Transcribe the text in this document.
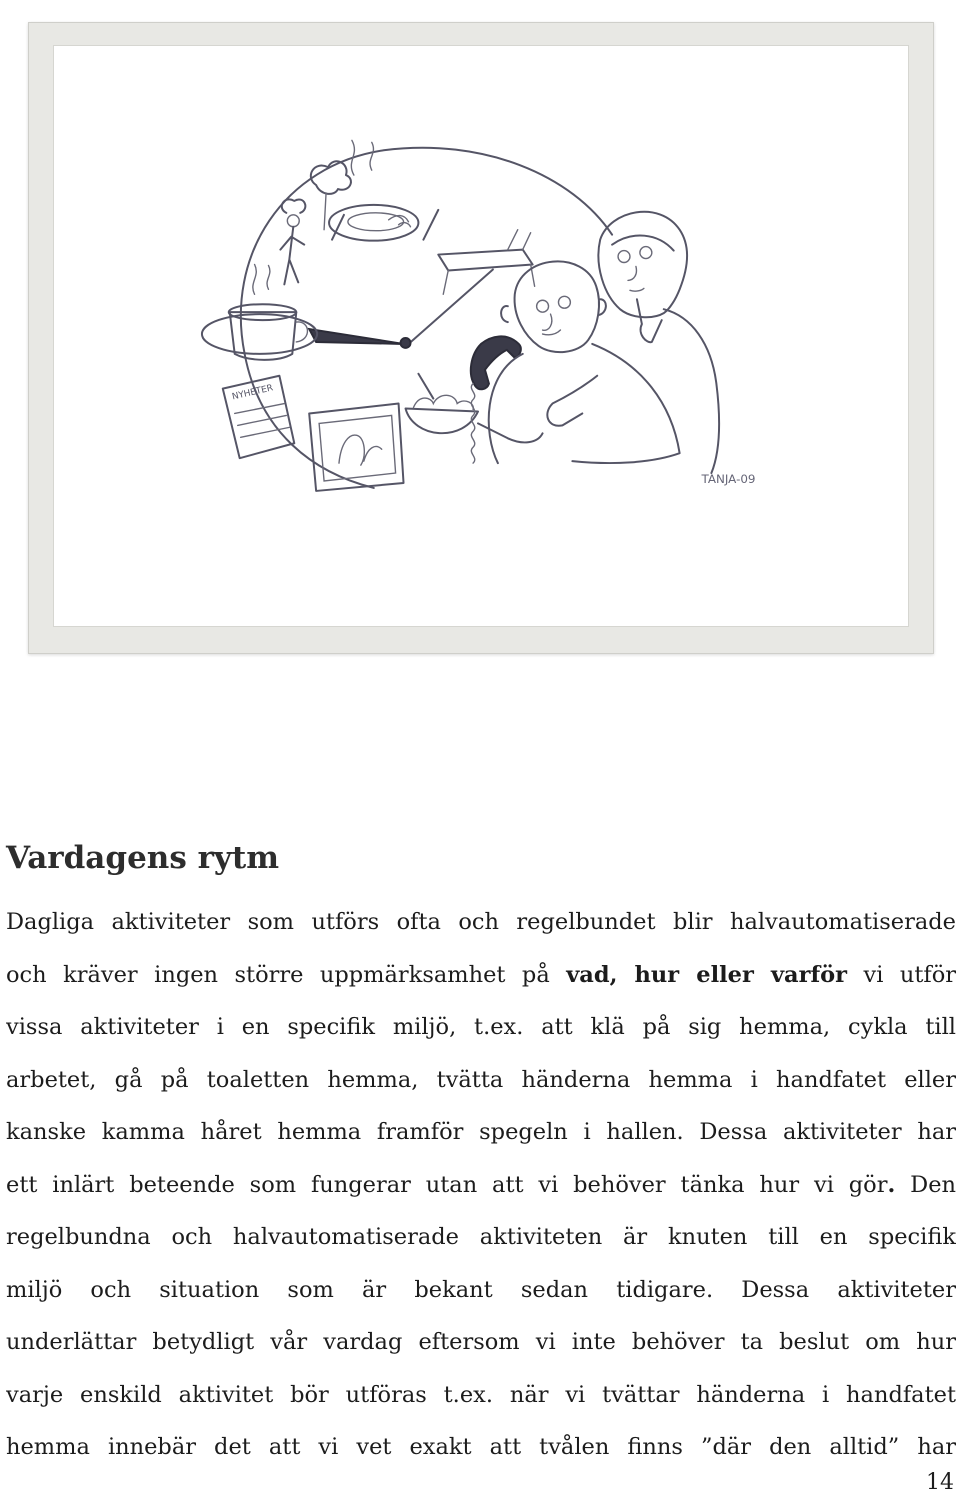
NYHETER
TANJA-09
Vardagens rytm
Dagliga aktiviteter som utförs ofta och regelbundet blir halvautomatiserade
och kräver ingen större uppmärksamhet på vad, hur eller varför vi utför
vissa aktiviteter i en specifik miljö, t.ex. att klä på sig hemma, cykla till
arbetet, gå på toaletten hemma, tvätta händerna hemma i handfatet eller
kanske kamma håret hemma framför spegeln i hallen. Dessa aktiviteter har
ett inlärt beteende som fungerar utan att vi behöver tänka hur vi gör. Den
regelbundna och halvautomatiserade aktiviteten är knuten till en specifik
miljö och situation som är bekant sedan tidigare. Dessa aktiviteter
underlättar betydligt vår vardag eftersom vi inte behöver ta beslut om hur
varje enskild aktivitet bör utföras t.ex. när vi tvättar händerna i handfatet
hemma innebär det att vi vet exakt att tvålen finns ”där den alltid” har
14
